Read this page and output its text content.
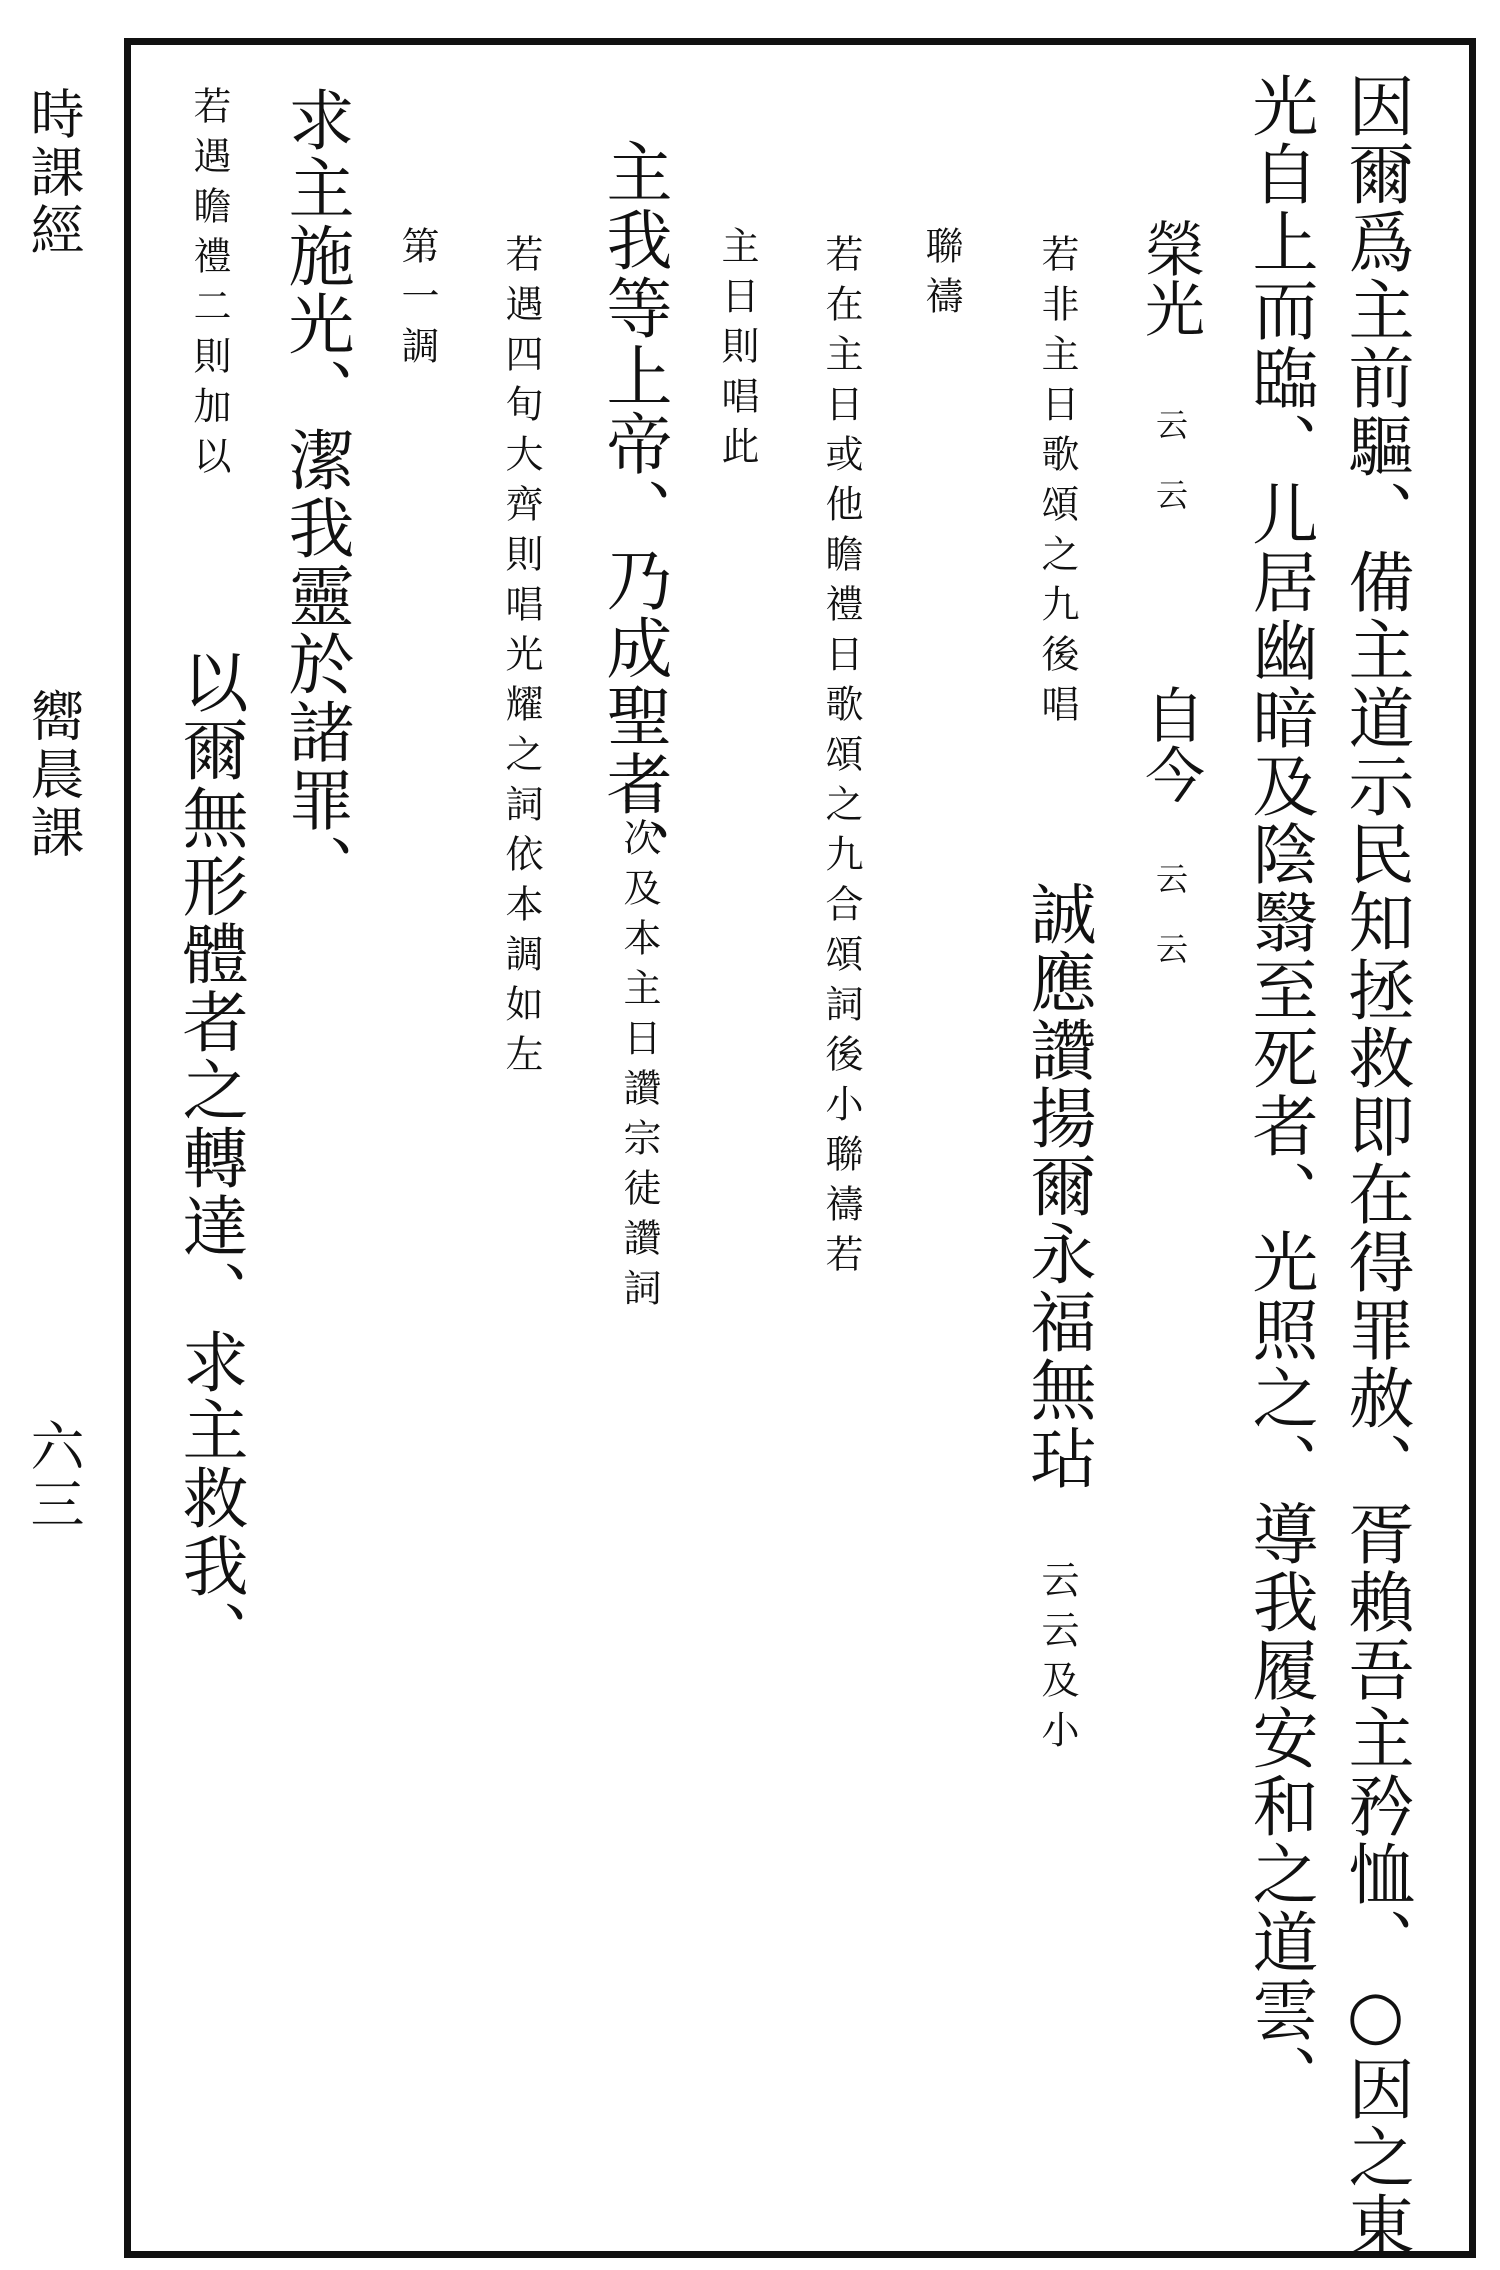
時課經
嚮晨課
六三	因爾爲主前驅、備主道示民知拯救即在得罪赦、胥賴吾主矜恤、○因之東
光自上而臨、儿居幽暗及陰翳至死者、光照之、導我履安和之道雲、
榮光
云 云
自今
云 云
若非主日歌頌之九後唱
誠應讚揚爾永福無玷
云云及小
聯禱
若在主日或他瞻禮日歌頌之九合頌詞後小聯禱若
主日則唱此
主我等上帝、乃成聖者、
三次及本主日讚宗徒讚詞
若遇四旬大齊則唱光耀之詞依本調如左
第一調
求主施光、潔我靈於諸罪、
若遇瞻禮二則加以
以爾無形體者之轉達、求主救我、
